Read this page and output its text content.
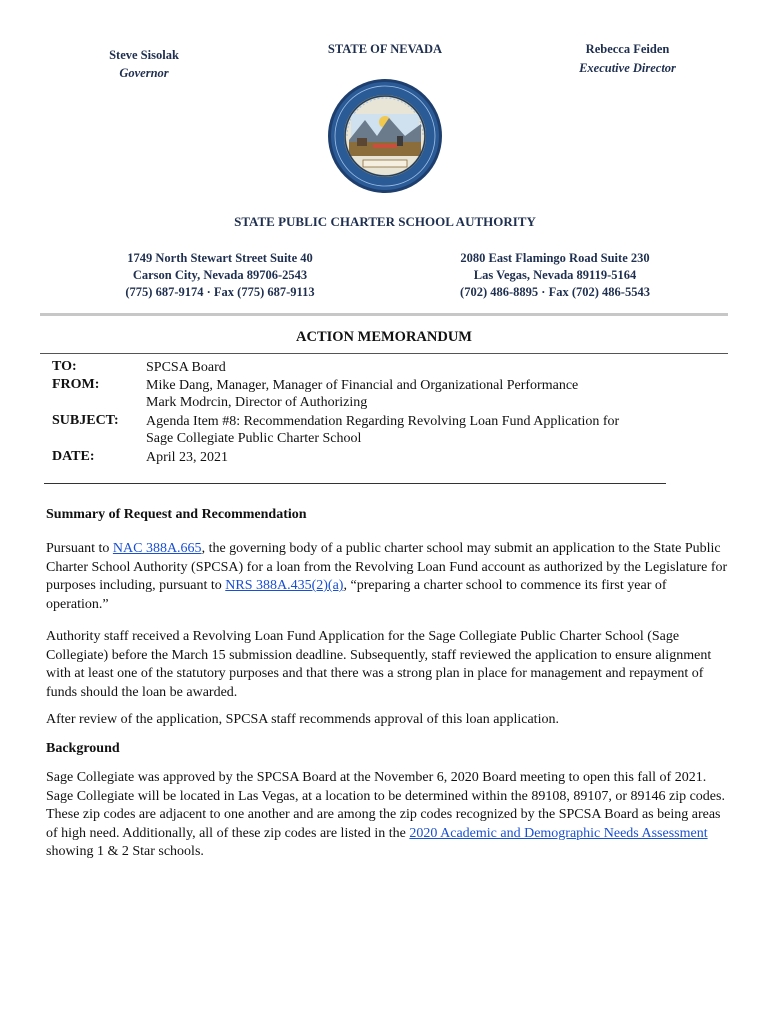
Steve Sisolak
Governor
STATE OF NEVADA	Rebecca Feiden
Executive Director
STATE PUBLIC CHARTER SCHOOL AUTHORITY
1749 North Stewart Street Suite 40
Carson City, Nevada 89706-2543
(775) 687-9174 · Fax (775) 687-9113
2080 East Flamingo Road Suite 230
Las Vegas, Nevada 89119-5164
(702) 486-8895 · Fax (702) 486-5543
ACTION MEMORANDUM
TO:	SPCSA Board
FROM:	Mike Dang, Manager, Manager of Financial and Organizational Performance
Mark Modrcin, Director of Authorizing
SUBJECT: Agenda Item #8: Recommendation Regarding Revolving Loan Fund Application for
Sage Collegiate Public Charter School
DATE:	April 23, 2021
Summary of Request and Recommendation
Pursuant to NAC 388A.665, the governing body of a public charter school may submit an application to the State Public Charter School Authority (SPCSA) for a loan from the Revolving Loan Fund account as authorized by the Legislature for purposes including, pursuant to NRS 388A.435(2)(a), “preparing a charter school to commence its first year of operation.”
Authority staff received a Revolving Loan Fund Application for the Sage Collegiate Public Charter School (Sage Collegiate) before the March 15 submission deadline. Subsequently, staff reviewed the application to ensure alignment with at least one of the statutory purposes and that there was a strong plan in place for management and repayment of funds should the loan be awarded.
After review of the application, SPCSA staff recommends approval of this loan application.
Background
Sage Collegiate was approved by the SPCSA Board at the November 6, 2020 Board meeting to open this fall of 2021. Sage Collegiate will be located in Las Vegas, at a location to be determined within the 89108, 89107, or 89146 zip codes. These zip codes are adjacent to one another and are among the zip codes recognized by the SPCSA Board as being areas of high need. Additionally, all of these zip codes are listed in the 2020 Academic and Demographic Needs Assessment showing 1 & 2 Star schools.
